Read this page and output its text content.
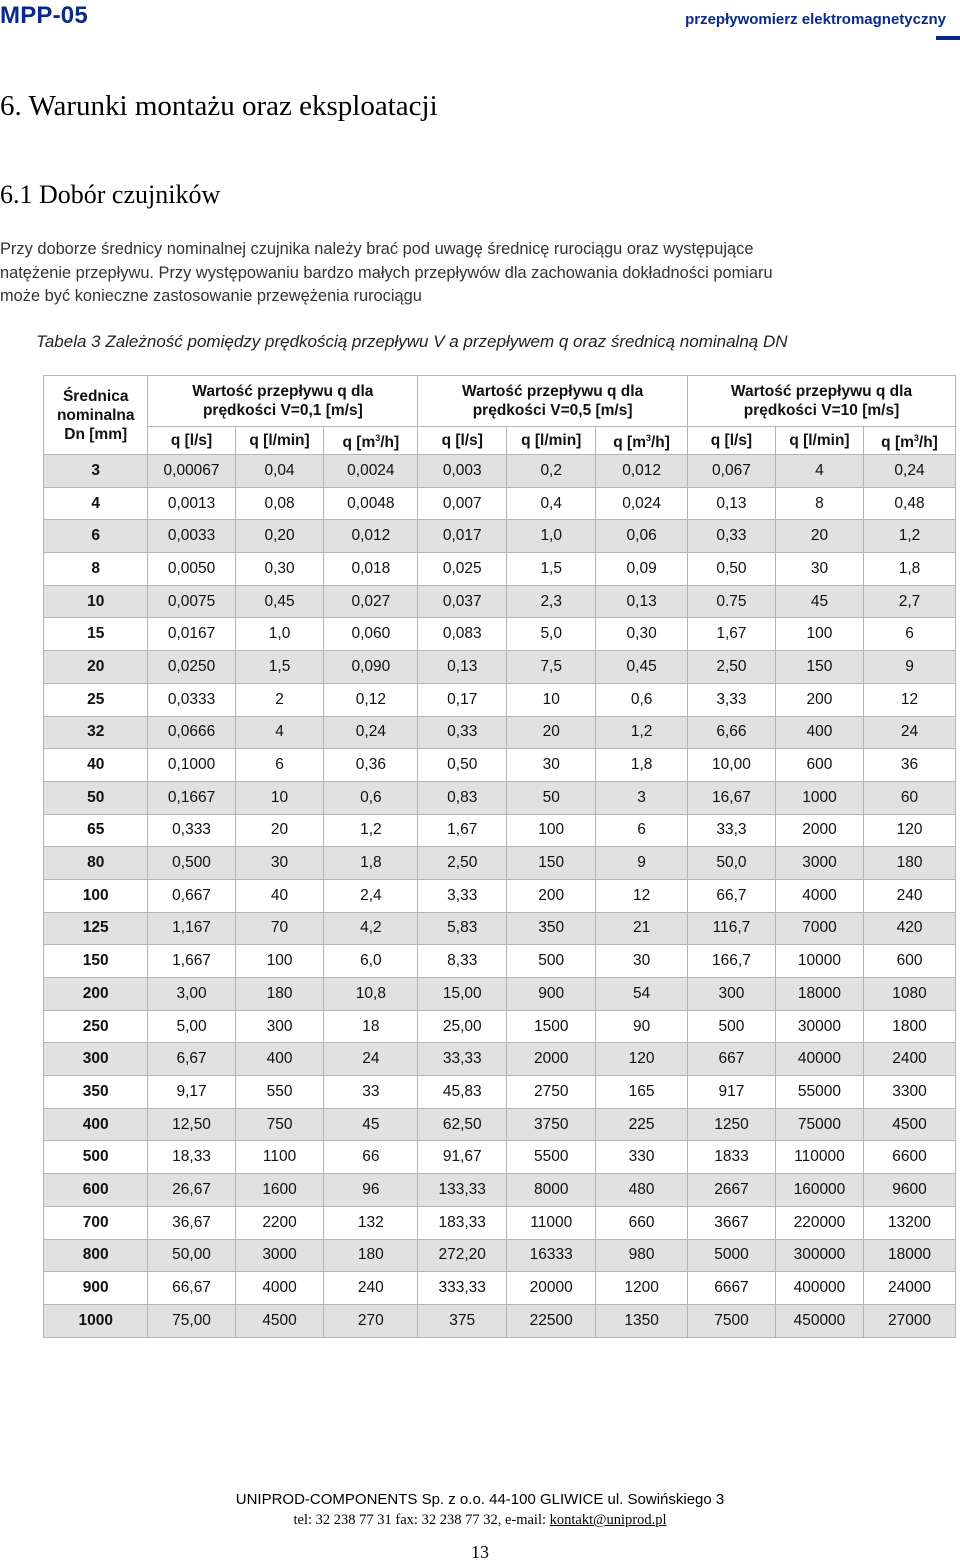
MPP-05	przepływomierz elektromagnetyczny
6. Warunki montażu oraz eksploatacji
6.1 Dobór czujników
Przy doborze średnicy nominalnej czujnika należy brać pod uwagę średnicę rurociągu oraz występujące
natężenie przepływu. Przy występowaniu bardzo małych przepływów dla zachowania dokładności pomiaru
może być konieczne zastosowanie przewężenia rurociągu
Tabela 3 Zależność pomiędzy prędkością przepływu V a przepływem q oraz średnicą nominalną DN
Średnica nominalna Dn [mm]	Wartość przepływu q dla prędkości V=0,1 [m/s]			Wartość przepływu q dla prędkości V=0,5 [m/s]			Wartość przepływu q dla prędkości V=10 [m/s]		

	q [l/s]	q [l/min]	q $[m^3/h]$	q [l/s]	q [l/min]	q $[m^3/h]$	q [l/s]	q [l/min]	q $[m^3/h]$
3	0,00067	0,04	0,0024	0,003	0,2	0,012	0,067	4	0,24
4	0,0013	0,08	0,0048	0,007	0,4	0,024	0,13	8	0,48
6	0,0033	0,20	0,012	0,017	1,0	0,06	0,33	20	1,2
8	0,0050	0,30	0,018	0,025	1,5	0,09	0,50	30	1,8
10	0,0075	0,45	0,027	0,037	2,3	0,13	0.75	45	2,7
15	0,0167	1,0	0,060	0,083	5,0	0,30	1,67	100	6
20	0,0250	1,5	0,090	0,13	7,5	0,45	2,50	150	9
25	0,0333	2	0,12	0,17	10	0,6	3,33	200	12
32	0,0666	4	0,24	0,33	20	1,2	6,66	400	24
40	0,1000	6	0,36	0,50	30	1,8	10,00	600	36
50	0,1667	10	0,6	0,83	50	3	16,67	1000	60
65	0,333	20	1,2	1,67	100	6	33,3	2000	120
80	0,500	30	1,8	2,50	150	9	50,0	3000	180
100	0,667	40	2,4	3,33	200	12	66,7	4000	240
125	1,167	70	4,2	5,83	350	21	116,7	7000	420
150	1,667	100	6,0	8,33	500	30	166,7	10000	600
200	3,00	180	10,8	15,00	900	54	300	18000	1080
250	5,00	300	18	25,00	1500	90	500	30000	1800
300	6,67	400	24	33,33	2000	120	667	40000	2400
350	9,17	550	33	45,83	2750	165	917	55000	3300
400	12,50	750	45	62,50	3750	225	1250	75000	4500
500	18,33	1100	66	91,67	5500	330	1833	110000	6600
600	26,67	1600	96	133,33	8000	480	2667	160000	9600
700	36,67	2200	132	183,33	11000	660	3667	220000	13200
800	50,00	3000	180	272,20	16333	980	5000	300000	18000
900	66,67	4000	240	333,33	20000	1200	6667	400000	24000
1000	75,00	4500	270	375	22500	1350	7500	450000	27000
UNIPROD-COMPONENTS Sp. z o.o. 44-100 GLIWICE ul. Sowińskiego 3
tel: 32 238 77 31 fax: 32 238 77 32, e-mail: kontakt@uniprod.pl
13
